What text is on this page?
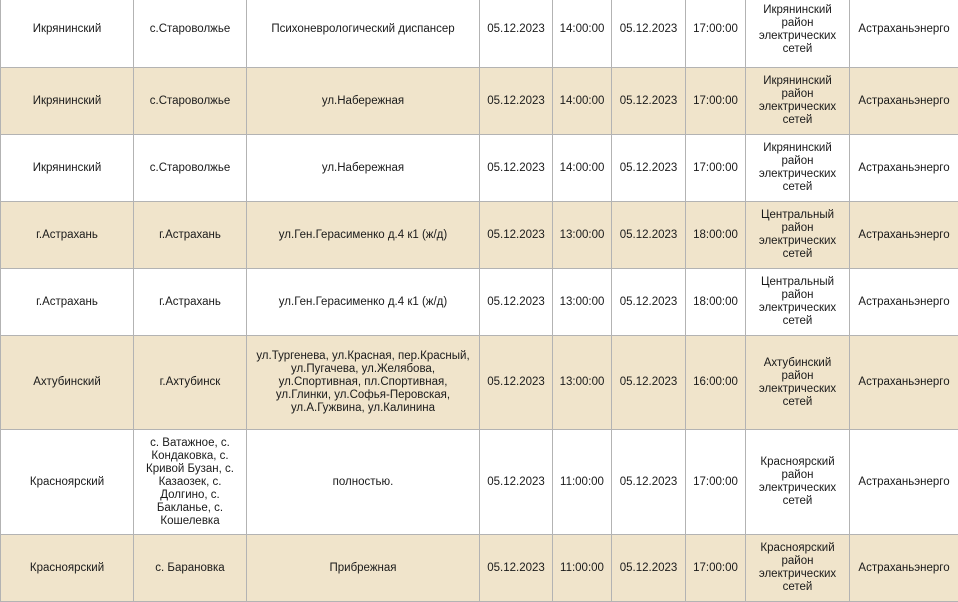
Икрянинский	с.Староволжье	Психоневрологический диспансер	05.12.2023	14:00:00	05.12.2023	17:00:00	Икрянинский район электрических сетей	Астраханьэнерго
Икрянинский	с.Староволжье	ул.Набережная	05.12.2023	14:00:00	05.12.2023	17:00:00	Икрянинский район электрических сетей	Астраханьэнерго
Икрянинский	с.Староволжье	ул.Набережная	05.12.2023	14:00:00	05.12.2023	17:00:00	Икрянинский район электрических сетей	Астраханьэнерго
г.Астрахань	г.Астрахань	ул.Ген.Герасименко д.4 к1 (ж/д)	05.12.2023	13:00:00	05.12.2023	18:00:00	Центральный район электрических сетей	Астраханьэнерго
г.Астрахань	г.Астрахань	ул.Ген.Герасименко д.4 к1 (ж/д)	05.12.2023	13:00:00	05.12.2023	18:00:00	Центральный район электрических сетей	Астраханьэнерго
Ахтубинский	г.Ахтубинск	ул.Тургенева, ул.Красная, пер.Красный, ул.Пугачева, ул.Желябова, ул.Спортивная, пл.Спортивная, ул.Глинки, ул.Софья-Перовская, ул.А.Гужвина, ул.Калинина	05.12.2023	13:00:00	05.12.2023	16:00:00	Ахтубинский район электрических сетей	Астраханьэнерго
Красноярский	с. Ватажное, с. Кондаковка, с. Кривой Бузан, с. Казаозек, с. Долгино, с. Бакланье, с. Кошелевка	полностью.	05.12.2023	11:00:00	05.12.2023	17:00:00	Красноярский район электрических сетей	Астраханьэнерго
Красноярский	с. Барановка	Прибрежная	05.12.2023	11:00:00	05.12.2023	17:00:00	Красноярский район электрических сетей	Астраханьэнерго
